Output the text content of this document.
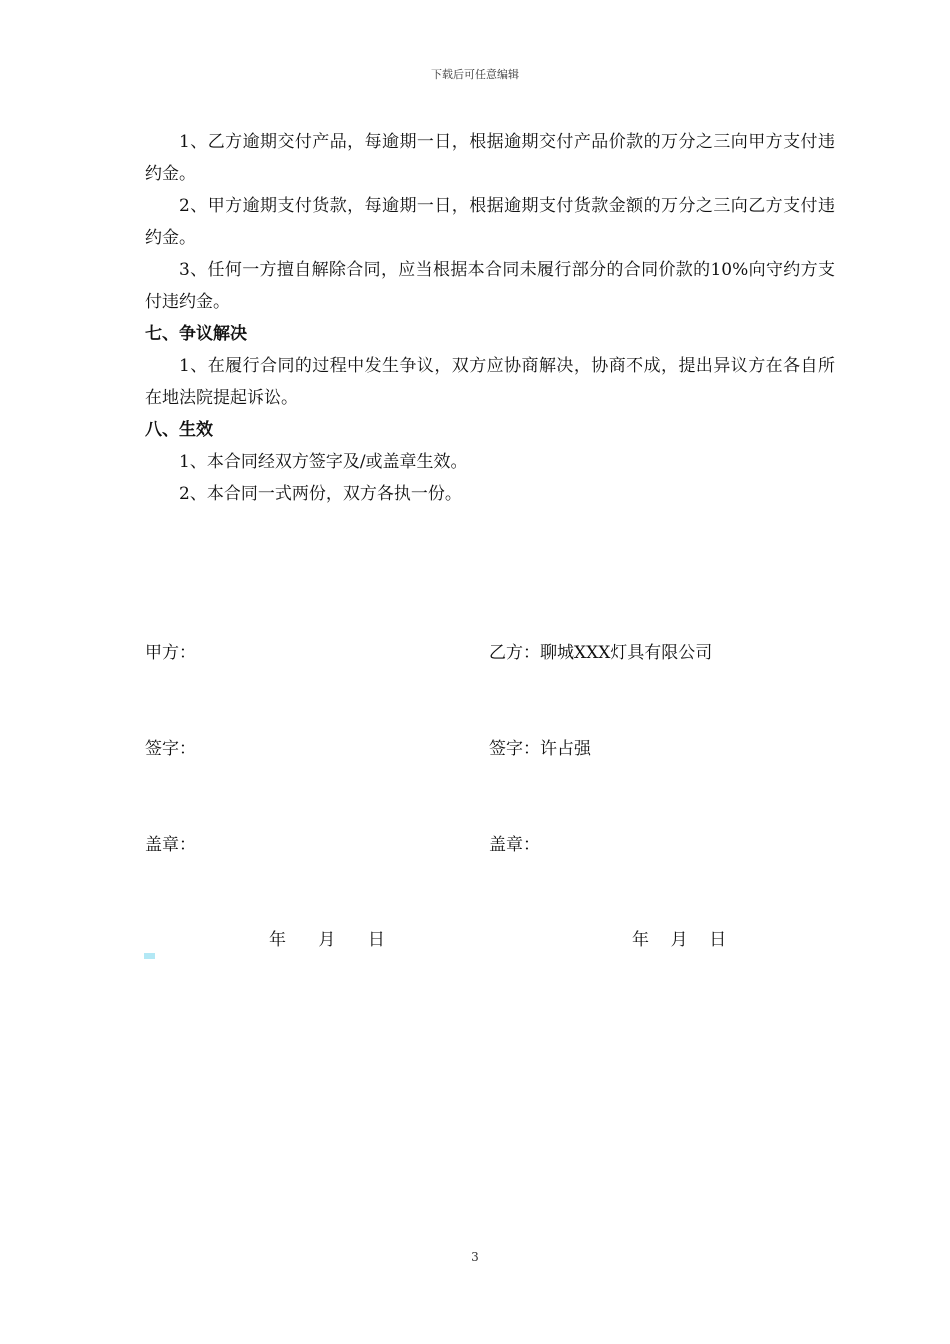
下载后可任意编辑
1、乙方逾期交付产品，每逾期一日，根据逾期交付产品价款的万分之三向甲方支付违约金。
2、甲方逾期支付货款，每逾期一日，根据逾期支付货款金额的万分之三向乙方支付违约金。
3、任何一方擅自解除合同，应当根据本合同未履行部分的合同价款的10%向守约方支付违约金。
七、争议解决
1、在履行合同的过程中发生争议，双方应协商解决，协商不成，提出异议方在各自所在地法院提起诉讼。
八、生效
1、本合同经双方签字及/或盖章生效。
2、本合同一式两份，双方各执一份。
甲方：
签字：
盖章：
年      月      日
乙方：聊城XXX灯具有限公司
签字：许占强
盖章：
年    月    日
3
